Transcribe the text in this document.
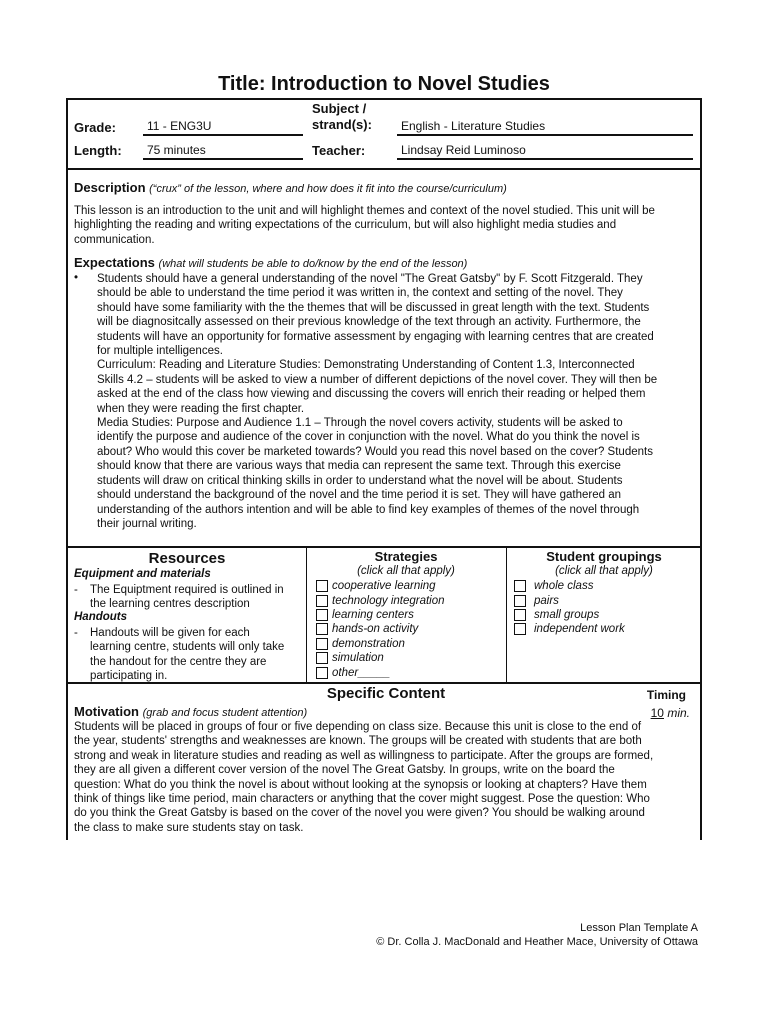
Title: Introduction to Novel Studies
Grade:	11 - ENG3U
Subject /
strand(s):	English - Literature Studies
Length:	75 minutes	Teacher:	Lindsay Reid Luminoso
Description (“crux” of the lesson, where and how does it fit into the course/curriculum)
This lesson is an introduction to the unit and will highlight themes and context of the novel studied. This unit will be
highlighting the reading and writing expectations of the curriculum, but will also highlight media studies and
communication.
Expectations (what will students be able to do/know by the end of the lesson)
• Students should have a general understanding of the novel "The Great Gatsby" by F. Scott Fitzgerald. They
should be able to understand the time period it was written in, the context and setting of the novel. They
should have some familiarity with the the themes that will be discussed in great length with the text. Students
will be diagnositcally assessed on their previous knowledge of the text through an activity. Furthermore, the
students will have an opportunity for formative assessment by engaging with learning centres that are created
for multiple intelligences.
Curriculum: Reading and Literature Studies: Demonstrating Understanding of Content 1.3, Interconnected
Skills 4.2 – students will be asked to view a number of different depictions of the novel cover. They will then be
asked at the end of the class how viewing and discussing the covers will enrich their reading or helped them
when they were reading the first chapter.
Media Studies: Purpose and Audience 1.1 – Through the novel covers activity, students will be asked to
identify the purpose and audience of the cover in conjunction with the novel. What do you think the novel is
about? Who would this cover be marketed towards? Would you read this novel based on the cover? Students
should know that there are various ways that media can represent the same text. Through this exercise
students will draw on critical thinking skills in order to understand what the novel will be about. Students
should understand the background of the novel and the time period it is set. They will have gathered an
understanding of the authors intention and will be able to find key examples of themes of the novel through
their journal writing.
Resources
Equipment and materials
- The Equiptment required is outlined in
the learning centres description
Handouts
- Handouts will be given for each
learning centre, students will only take
the handout for the centre they are
participating in.
Strategies
(click all that apply)
cooperative learning
technology integration
learning centers
hands-on activity
demonstration
simulation
other_____
Student groupings
(click all that apply)
whole class
pairs
small groups
independent work
Specific Content	Timing
Motivation (grab and focus student attention)	10 min.
Students will be placed in groups of four or five depending on class size. Because this unit is close to the end of
the year, students' strengths and weaknesses are known. The groups will be created with students that are both
strong and weak in literature studies and reading as well as willingness to participate. After the groups are formed,
they are all given a different cover version of the novel The Great Gatsby. In groups, write on the board the
question: What do you think the novel is about without looking at the synopsis or looking at chapters? Have them
think of things like time period, main characters or anything that the cover might suggest. Pose the question: Who
do you think the Great Gatsby is based on the cover of the novel you were given? You should be walking around
the class to make sure students stay on task.
Lesson Plan Template A
© Dr. Colla J. MacDonald and Heather Mace, University of Ottawa
